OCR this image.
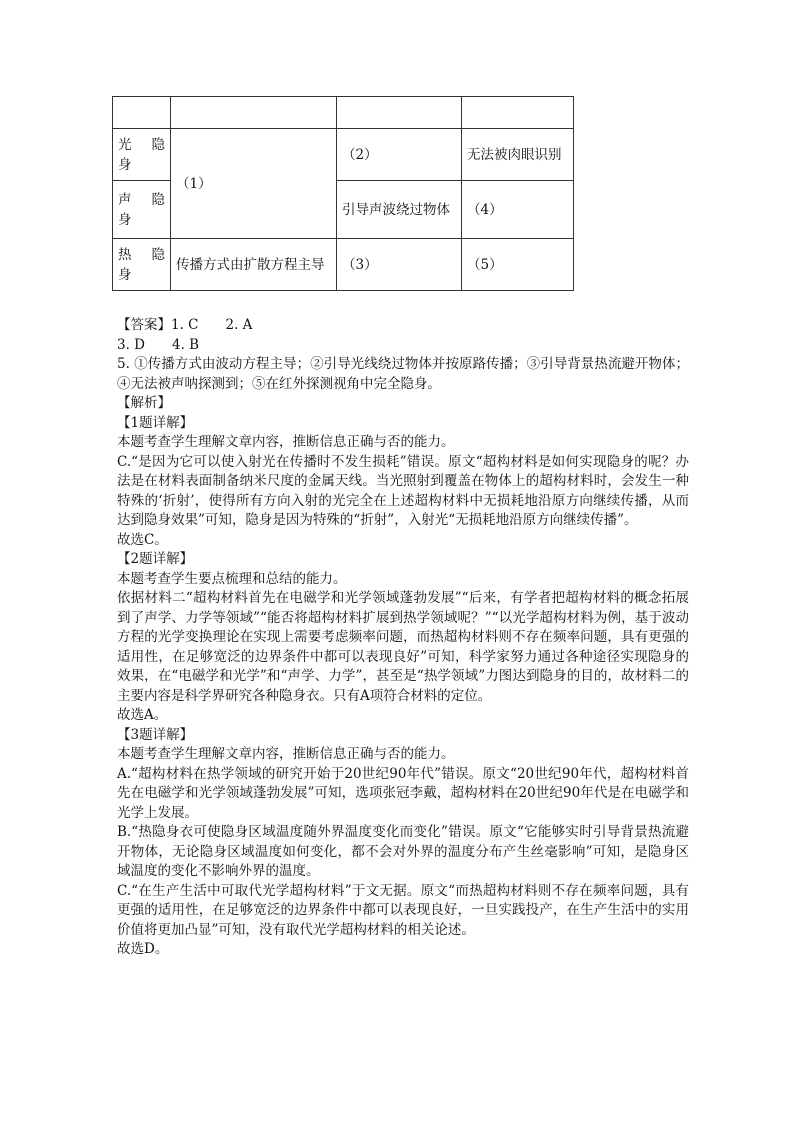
光 隐 身	（1）	（2）	无法被肉眼识别

声 隐 身		引导声波绕过物体	（4）

热 隐 身	传播方式由扩散方程主导	（3）	（5）

【答案】1. C　　2. A

3. D　　4. B

5. ①传播方式由波动方程主导；②引导光线绕过物体并按原路传播；③引导背景热流避开物体；④无法被声呐探测到；⑤在红外探测视角中完全隐身。

【解析】

【1题详解】

本题考查学生理解文章内容，推断信息正确与否的能力。

C.“是因为它可以使入射光在传播时不发生损耗”错误。原文“超构材料是如何实现隐身的呢？办法是在材料表面制备纳米尺度的金属天线。当光照射到覆盖在物体上的超构材料时，会发生一种特殊的‘折射’，使得所有方向入射的光完全在上述超构材料中无损耗地沿原方向继续传播，从而达到隐身效果”可知，隐身是因为特殊的“折射”，入射光“无损耗地沿原方向继续传播”。

故选C。

【2题详解】

本题考查学生要点梳理和总结的能力。

依据材料二“超构材料首先在电磁学和光学领域蓬勃发展”“后来，有学者把超构材料的概念拓展到了声学、力学等领域”“能否将超构材料扩展到热学领域呢？”“以光学超构材料为例，基于波动方程的光学变换理论在实现上需要考虑频率问题，而热超构材料则不存在频率问题，具有更强的适用性，在足够宽泛的边界条件中都可以表现良好”可知，科学家努力通过各种途径实现隐身的效果，在“电磁学和光学”和“声学、力学”，甚至是“热学领域”力图达到隐身的目的，故材料二的主要内容是科学界研究各种隐身衣。只有A项符合材料的定位。

故选A。

【3题详解】

本题考查学生理解文章内容，推断信息正确与否的能力。

A.“超构材料在热学领域的研究开始于20世纪90年代”错误。原文“20世纪90年代，超构材料首先在电磁学和光学领域蓬勃发展”可知，选项张冠李戴，超构材料在20世纪90年代是在电磁学和光学上发展。

B.“热隐身衣可使隐身区域温度随外界温度变化而变化”错误。原文“它能够实时引导背景热流避开物体，无论隐身区域温度如何变化，都不会对外界的温度分布产生丝毫影响”可知，是隐身区域温度的变化不影响外界的温度。

C.“在生产生活中可取代光学超构材料”于文无据。原文“而热超构材料则不存在频率问题，具有更强的适用性，在足够宽泛的边界条件中都可以表现良好，一旦实践投产，在生产生活中的实用价值将更加凸显”可知，没有取代光学超构材料的相关论述。

故选D。
